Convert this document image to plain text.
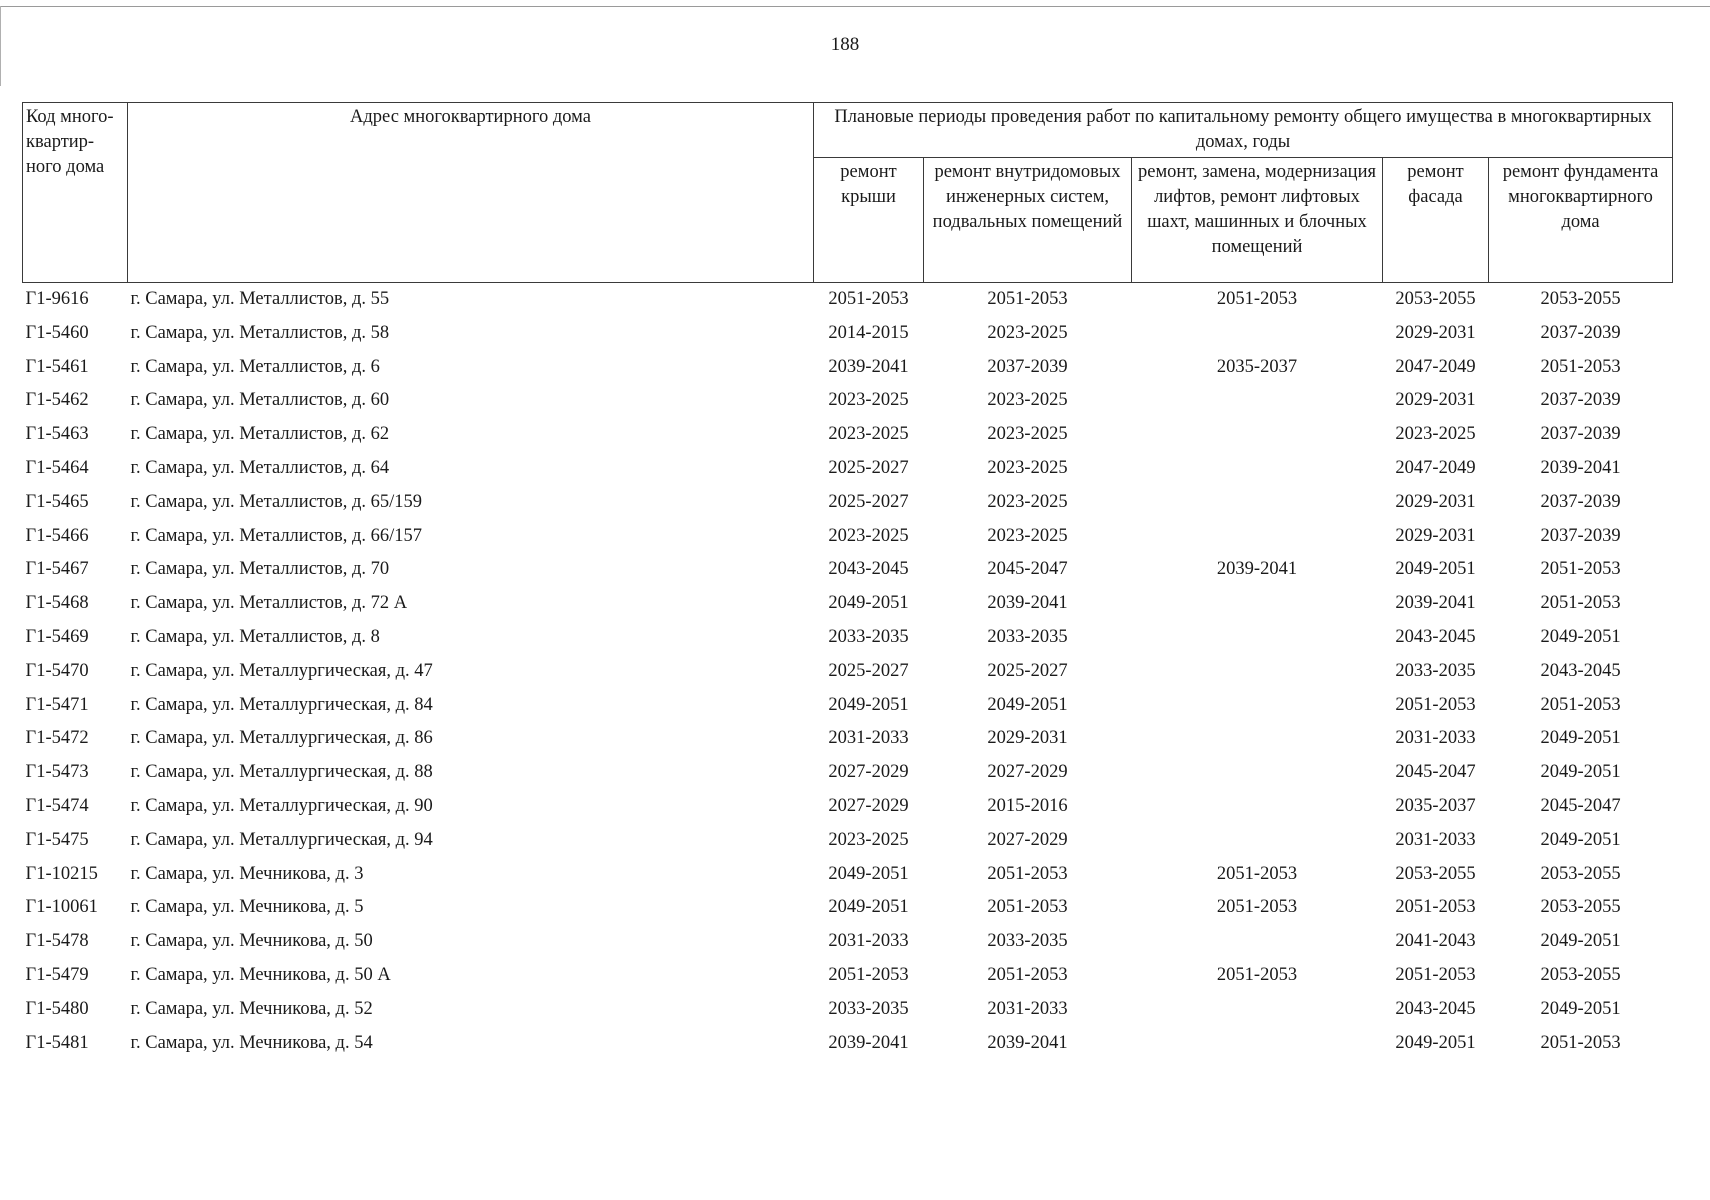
188
Код много-квартир-ного дома	Адрес многоквартирного дома	Плановые периоды проведения работ по капитальному ремонту общего имущества в многоквартирных домах, годы				
		ремонт крыши	ремонт внутридомовых инженерных систем, подвальных помещений	ремонт, замена, модернизация лифтов, ремонт лифтовых шахт, машинных и блочных помещений	ремонт фасада	ремонт фундамента многоквартирного дома
Г1-9616	г. Самара, ул. Металлистов, д. 55	2051-2053	2051-2053	2051-2053	2053-2055	2053-2055
Г1-5460	г. Самара, ул. Металлистов, д. 58	2014-2015	2023-2025		2029-2031	2037-2039
Г1-5461	г. Самара, ул. Металлистов, д. 6	2039-2041	2037-2039	2035-2037	2047-2049	2051-2053
Г1-5462	г. Самара, ул. Металлистов, д. 60	2023-2025	2023-2025		2029-2031	2037-2039
Г1-5463	г. Самара, ул. Металлистов, д. 62	2023-2025	2023-2025		2023-2025	2037-2039
Г1-5464	г. Самара, ул. Металлистов, д. 64	2025-2027	2023-2025		2047-2049	2039-2041
Г1-5465	г. Самара, ул. Металлистов, д. 65/159	2025-2027	2023-2025		2029-2031	2037-2039
Г1-5466	г. Самара, ул. Металлистов, д. 66/157	2023-2025	2023-2025		2029-2031	2037-2039
Г1-5467	г. Самара, ул. Металлистов, д. 70	2043-2045	2045-2047	2039-2041	2049-2051	2051-2053
Г1-5468	г. Самара, ул. Металлистов, д. 72 А	2049-2051	2039-2041		2039-2041	2051-2053
Г1-5469	г. Самара, ул. Металлистов, д. 8	2033-2035	2033-2035		2043-2045	2049-2051
Г1-5470	г. Самара, ул. Металлургическая, д. 47	2025-2027	2025-2027		2033-2035	2043-2045
Г1-5471	г. Самара, ул. Металлургическая, д. 84	2049-2051	2049-2051		2051-2053	2051-2053
Г1-5472	г. Самара, ул. Металлургическая, д. 86	2031-2033	2029-2031		2031-2033	2049-2051
Г1-5473	г. Самара, ул. Металлургическая, д. 88	2027-2029	2027-2029		2045-2047	2049-2051
Г1-5474	г. Самара, ул. Металлургическая, д. 90	2027-2029	2015-2016		2035-2037	2045-2047
Г1-5475	г. Самара, ул. Металлургическая, д. 94	2023-2025	2027-2029		2031-2033	2049-2051
Г1-10215	г. Самара, ул. Мечникова, д. 3	2049-2051	2051-2053	2051-2053	2053-2055	2053-2055
Г1-10061	г. Самара, ул. Мечникова, д. 5	2049-2051	2051-2053	2051-2053	2051-2053	2053-2055
Г1-5478	г. Самара, ул. Мечникова, д. 50	2031-2033	2033-2035		2041-2043	2049-2051
Г1-5479	г. Самара, ул. Мечникова, д. 50 А	2051-2053	2051-2053	2051-2053	2051-2053	2053-2055
Г1-5480	г. Самара, ул. Мечникова, д. 52	2033-2035	2031-2033		2043-2045	2049-2051
Г1-5481	г. Самара, ул. Мечникова, д. 54	2039-2041	2039-2041		2049-2051	2051-2053
